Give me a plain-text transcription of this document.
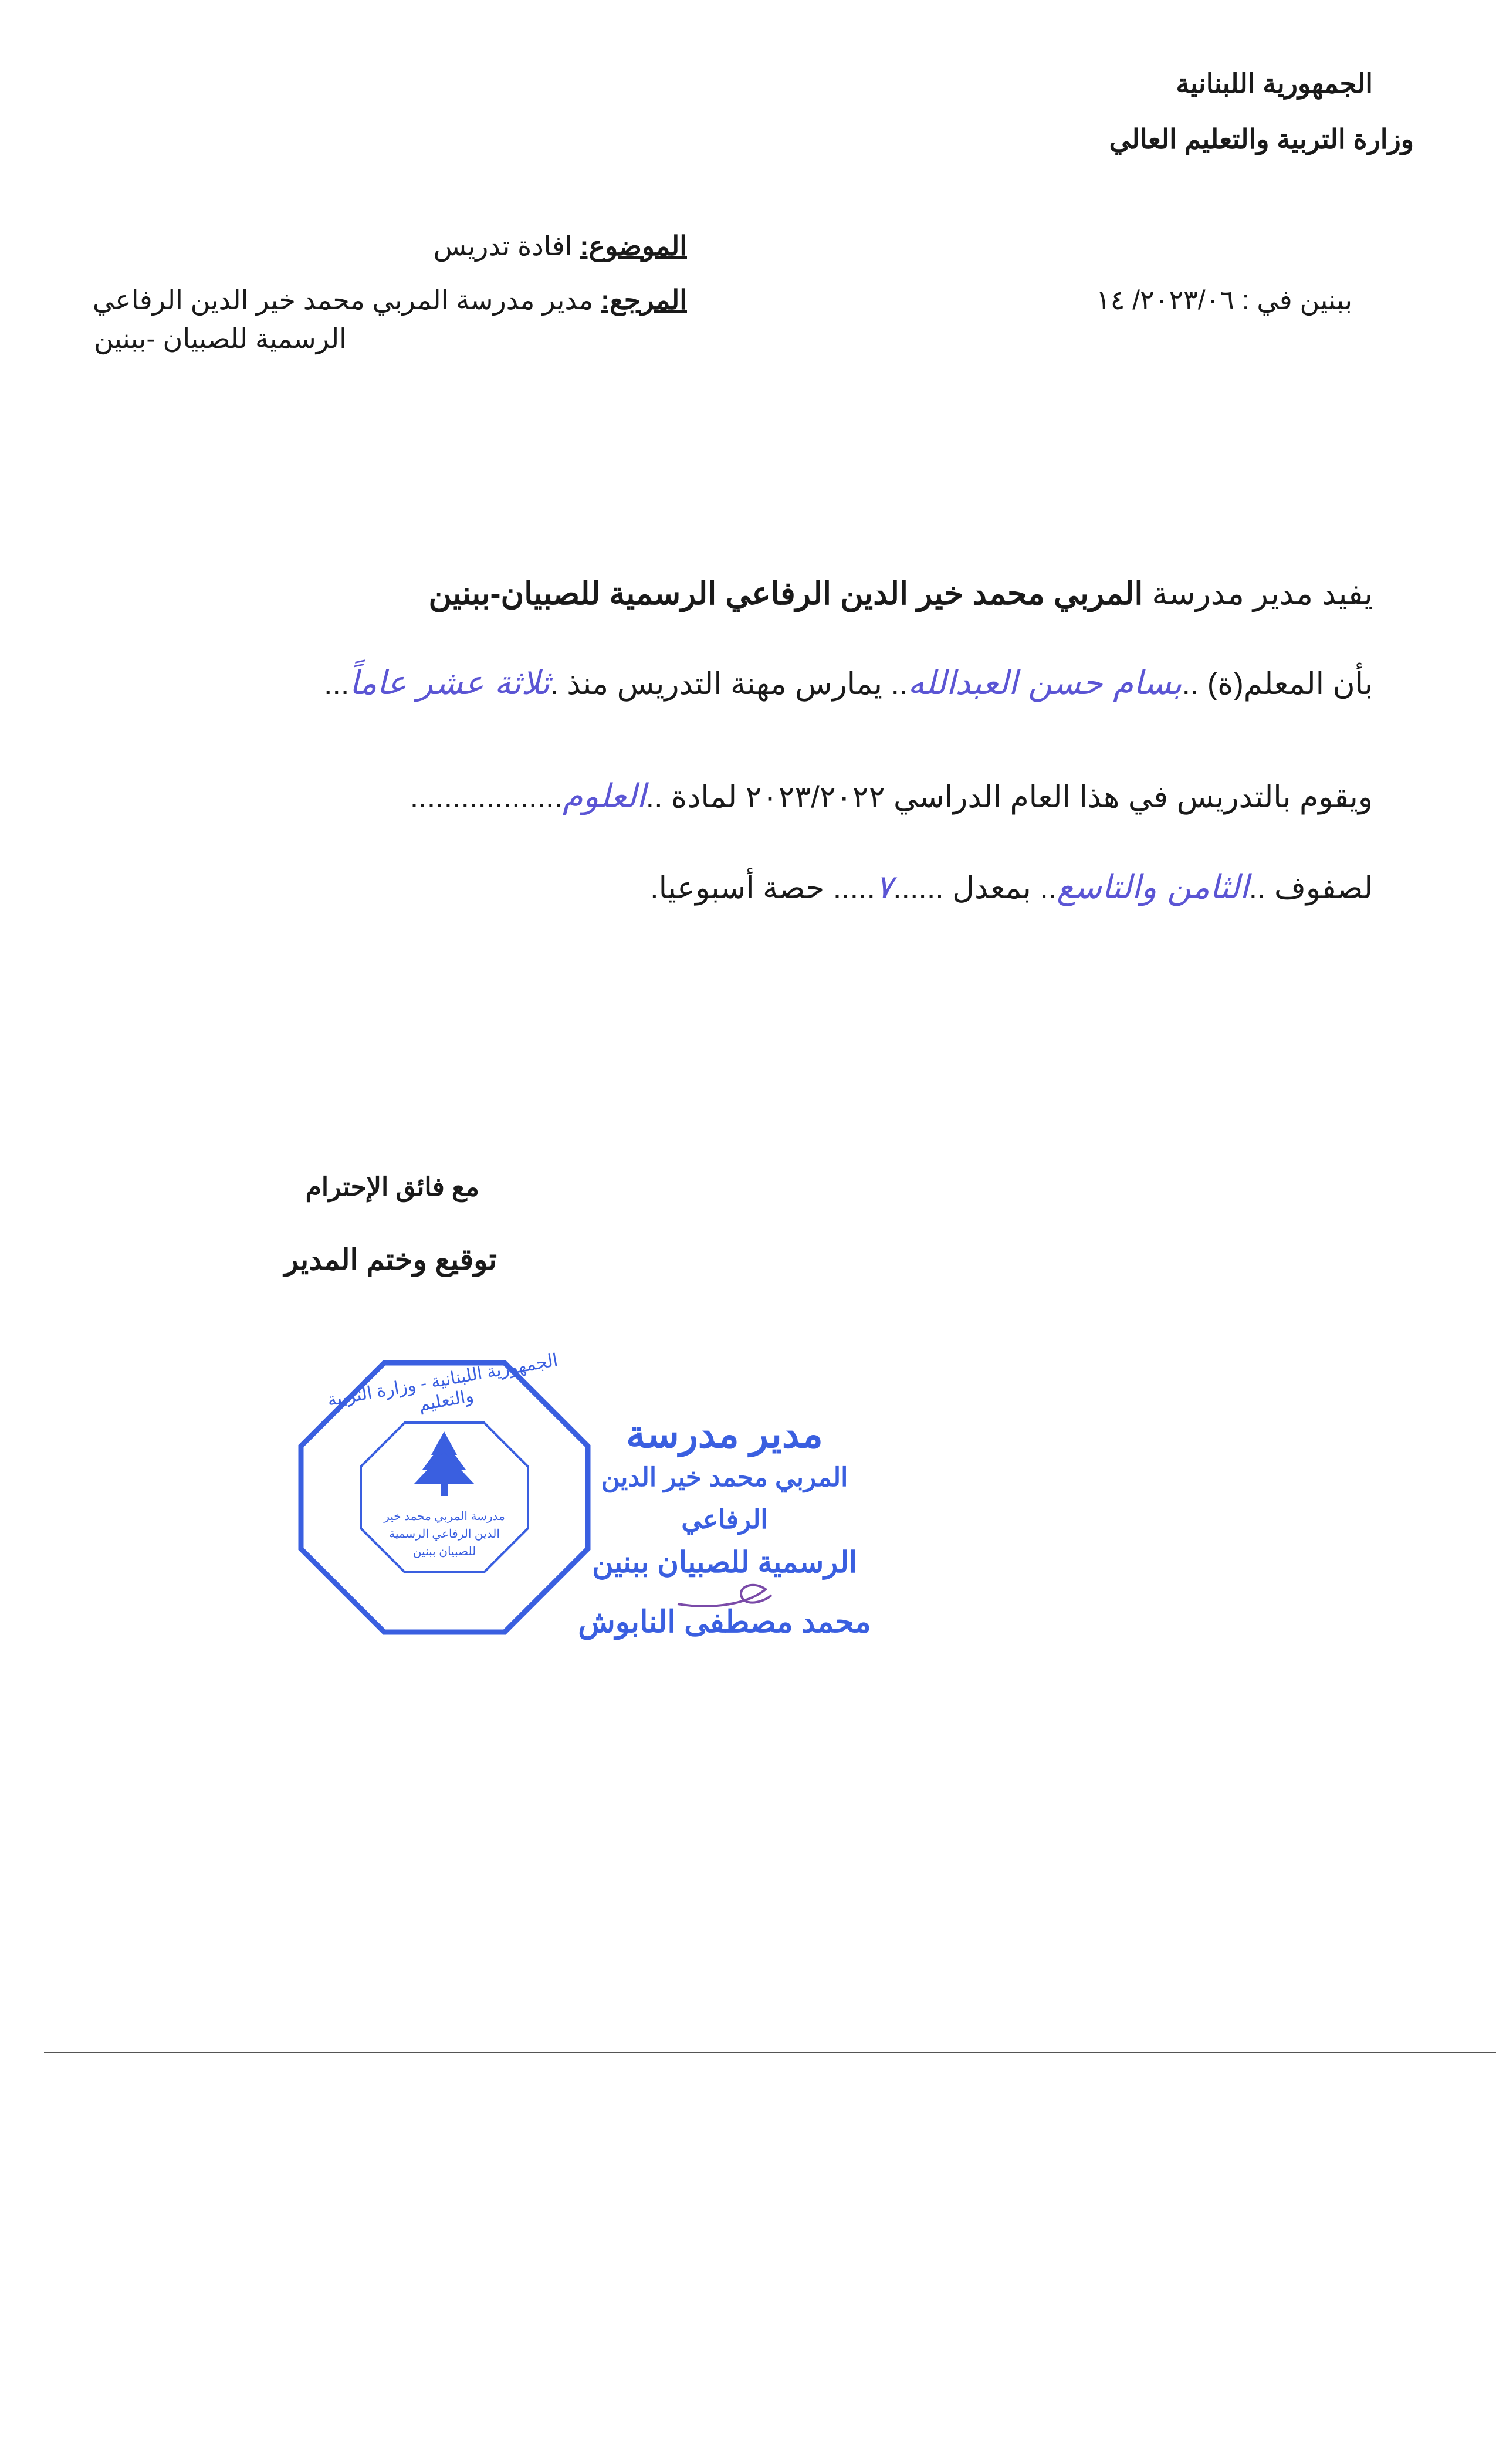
الجمهورية اللبنانية
وزارة التربية والتعليم العالي
الموضوع: افادة تدريس
المرجع: مدير مدرسة المربي محمد خير الدين الرفاعي
الرسمية للصبيان -ببنين
ببنين في : ٢٠٢٣/٠٦/ ١٤
يفيد مدير مدرسة المربي محمد خير الدين الرفاعي الرسمية للصبيان-ببنين
بأن المعلم(ة) ..بسام حسن العبدالله.. يمارس مهنة التدريس منذ .ثلاثة عشر عاماً...
ويقوم بالتدريس في هذا العام الدراسي ٢٠٢٣/٢٠٢٢ لمادة ..العلوم..................
لصفوف ..الثامن والتاسع.. بمعدل ......٧..... حصة أسبوعيا.
مع فائق الإحترام
توقيع وختم المدير
مدرسة المربي محمد خير الدين الرفاعي الرسمية للصبيان ببنين
الجمهورية اللبنانية - وزارة التربية والتعليم
مدير مدرسة
المربي محمد خير الدين الرفاعي
الرسمية للصبيان ببنين
محمد مصطفى النابوش
